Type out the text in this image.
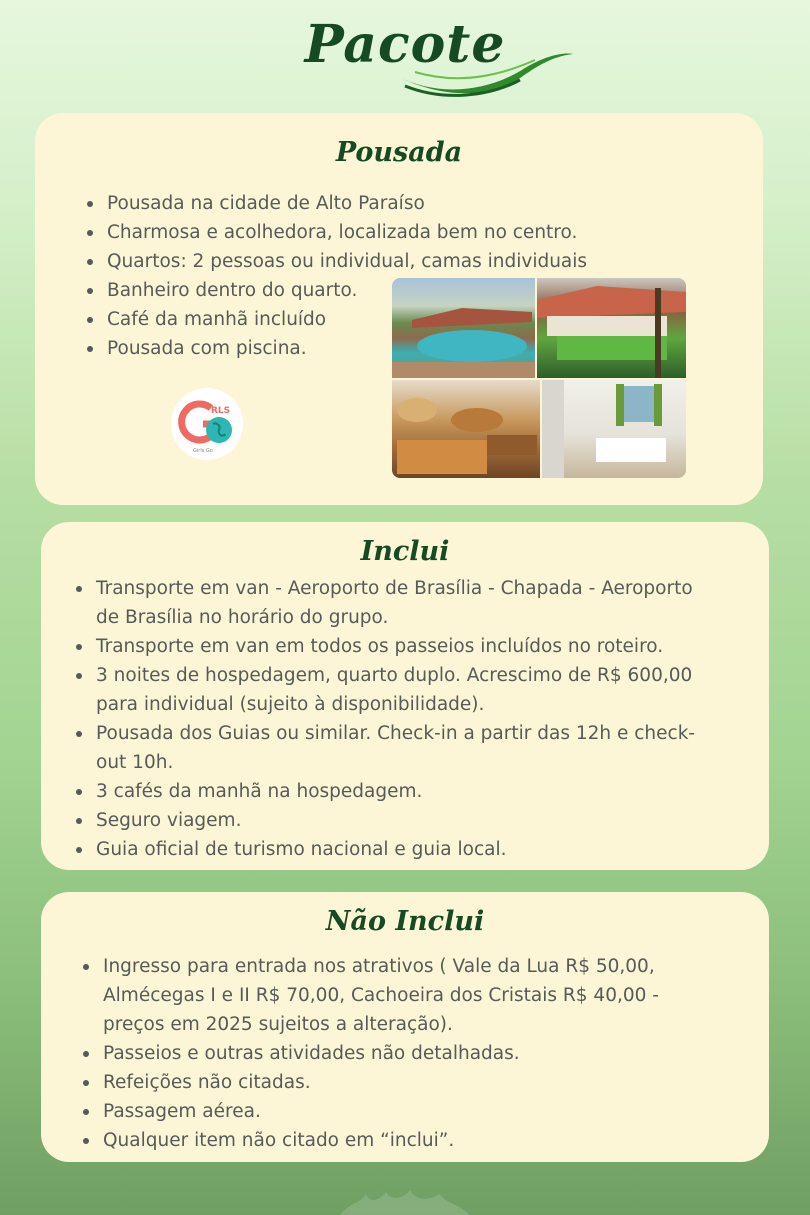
Pacote
Pousada
Pousada na cidade de Alto Paraíso
Charmosa e acolhedora, localizada bem no centro.
Quartos: 2 pessoas ou individual, camas individuais
Banheiro dentro do quarto.
Café da manhã incluído
Pousada com piscina.
RLS
Girls Go
Inclui
Transporte em van - Aeroporto de Brasília - Chapada - Aeroporto de Brasília no horário do grupo.
Transporte em van em todos os passeios incluídos no roteiro.
3 noites de hospedagem, quarto duplo. Acrescimo de R$ 600,00 para individual (sujeito à disponibilidade).
Pousada dos Guias ou similar. Check-in a partir das 12h e check-out 10h.
3 cafés da manhã na hospedagem.
Seguro viagem.
Guia oficial de turismo nacional e guia local.
Não Inclui
Ingresso para entrada nos atrativos ( Vale da Lua R$ 50,00, Almécegas I e II R$ 70,00, Cachoeira dos Cristais R$ 40,00 - preços em 2025 sujeitos a alteração).
Passeios e outras atividades não detalhadas.
Refeições não citadas.
Passagem aérea.
Qualquer item não citado em “inclui”.
